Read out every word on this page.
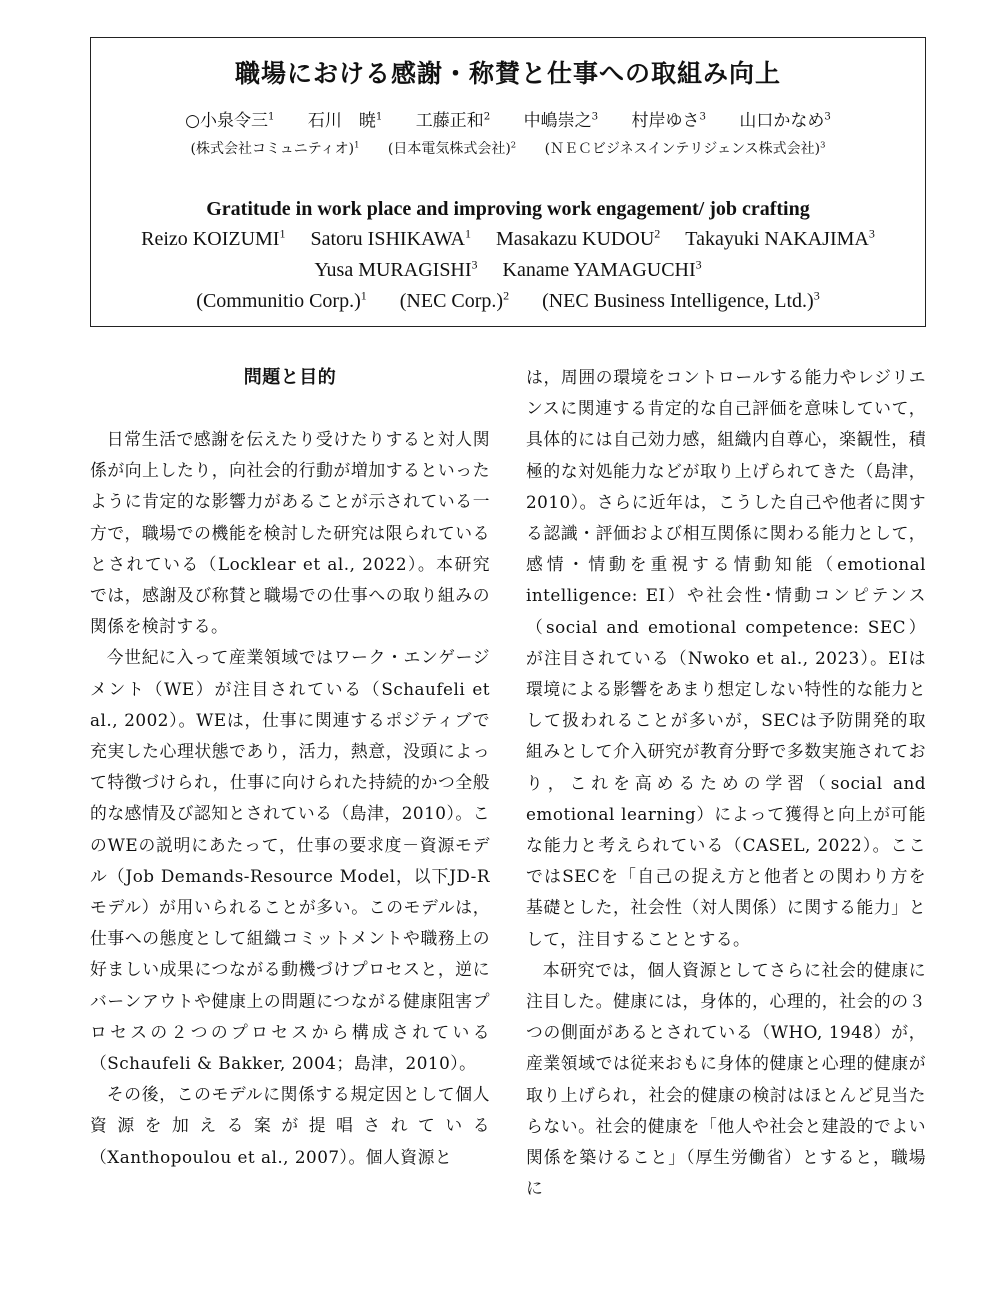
職場における感謝・称賛と仕事への取組み向上
○小泉令三$^1$ 石川　暁$^1$ 工藤正和$^2$ 中嶋崇之$^3$ 村岸ゆさ$^3$ 山口かなめ$^3$
(株式会社コミュニティオ)$^1$ (日本電気株式会社)$^2$ (ＮＥＣビジネスインテリジェンス株式会社)$^3$
Gratitude in work place and improving work engagement/ job crafting
Reizo KOIZUMI$^1$ Satoru ISHIKAWA$^1$ Masakazu KUDOU$^2$ Takayuki NAKAJIMA$^3$
Yusa MURAGISHI$^3$ Kaname YAMAGUCHI$^3$
(Communitio Corp.)$^1$ (NEC Corp.)$^2$ (NEC Business Intelligence, Ltd.)$^3$
問題と目的

日常生活で感謝を伝えたり受けたりすると対人関係が向上したり，向社会的行動が増加するといったように肯定的な影響力があることが示されている一方で，職場での機能を検討した研究は限られているとされている（Locklear et al., 2022）。本研究では，感謝及び称賛と職場での仕事への取り組みの関係を検討する。

今世紀に入って産業領域ではワーク・エンゲージメント（WE）が注目されている（Schaufeli et al., 2002）。WEは，仕事に関連するポジティブで充実した心理状態であり，活力，熱意，没頭によって特徴づけられ，仕事に向けられた持続的かつ全般的な感情及び認知とされている（島津，2010）。このWEの説明にあたって，仕事の要求度－資源モデル（Job Demands-Resource Model，以下JD-Rモデル）が用いられることが多い。このモデルは，仕事への態度として組織コミットメントや職務上の好ましい成果につながる動機づけプロセスと，逆にバーンアウトや健康上の問題につながる健康阻害プロセスの２つのプロセスから構成されている（Schaufeli & Bakker, 2004；島津，2010）。

その後，このモデルに関係する規定因として個人資源を加える案が提唱されている（Xanthopoulou et al., 2007）。個人資源と

は，周囲の環境をコントロールする能力やレジリエンスに関連する肯定的な自己評価を意味していて，具体的には自己効力感，組織内自尊心，楽観性，積極的な対処能力などが取り上げられてきた（島津，2010）。さらに近年は，こうした自己や他者に関する認識・評価および相互関係に関わる能力として，感情・情動を重視する情動知能（emotional intelligence: EI）や社会性･情動コンピテンス（social and emotional competence: SEC）が注目されている（Nwoko et al., 2023）。EIは環境による影響をあまり想定しない特性的な能力として扱われることが多いが，SECは予防開発的取組みとして介入研究が教育分野で多数実施されており，これを高めるための学習（social and emotional learning）によって獲得と向上が可能な能力と考えられている（CASEL, 2022）。ここではSECを「自己の捉え方と他者との関わり方を基礎とした，社会性（対人関係）に関する能力」として，注目することとする。

本研究では，個人資源としてさらに社会的健康に注目した。健康には，身体的，心理的，社会的の３つの側面があるとされている（WHO, 1948）が，産業領域では従来おもに身体的健康と心理的健康が取り上げられ，社会的健康の検討はほとんど見当たらない。社会的健康を「他人や社会と建設的でよい関係を築けること」（厚生労働省）とすると，職場に
